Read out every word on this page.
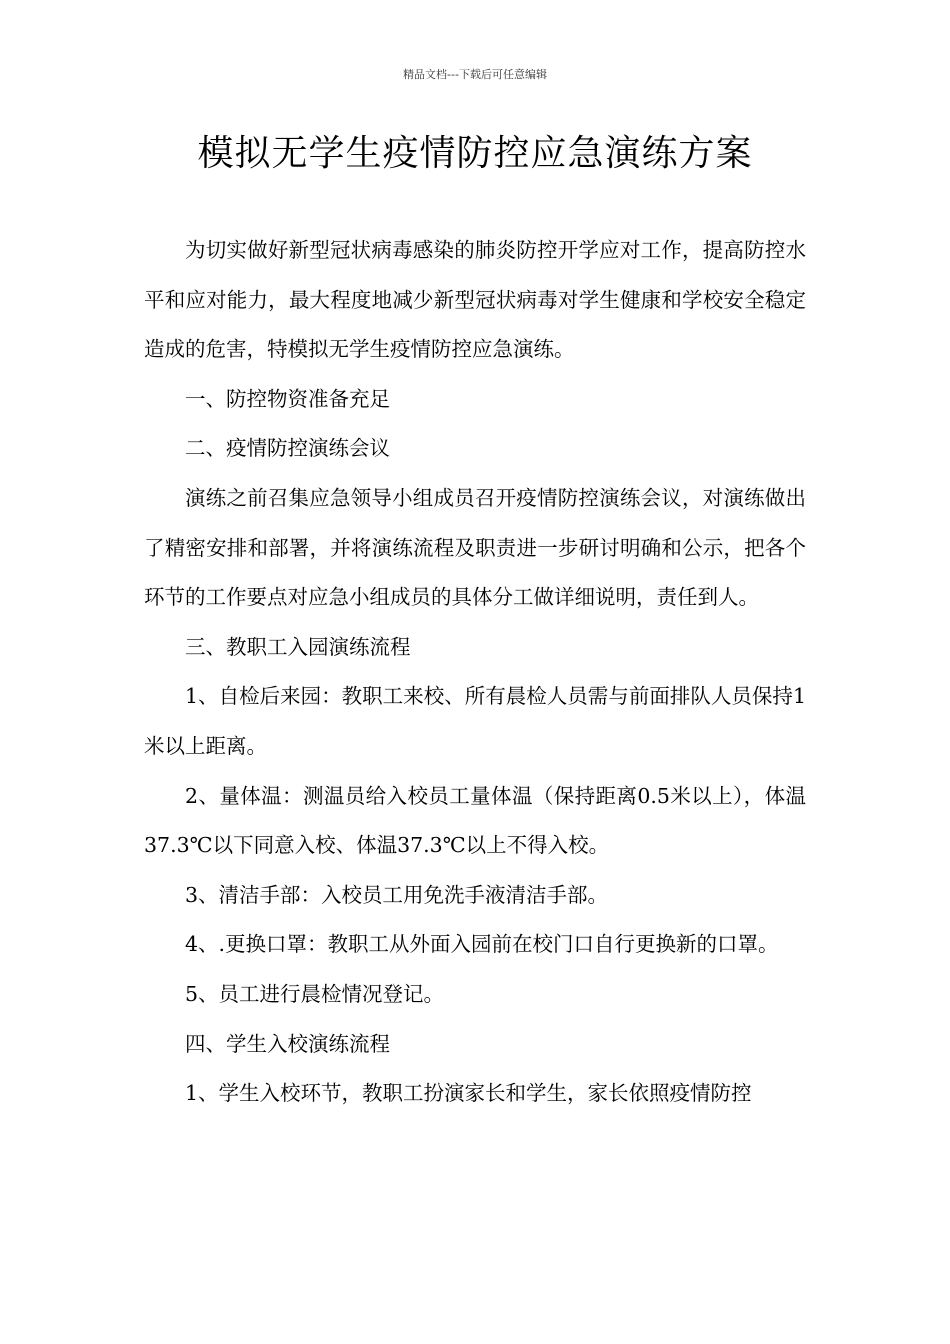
精品文档---下载后可任意编辑
模拟无学生疫情防控应急演练方案

为切实做好新型冠状病毒感染的肺炎防控开学应对工作，提高防控水平和应对能力，最大程度地减少新型冠状病毒对学生健康和学校安全稳定造成的危害，特模拟无学生疫情防控应急演练。

一、防控物资准备充足

二、疫情防控演练会议

演练之前召集应急领导小组成员召开疫情防控演练会议，对演练做出了精密安排和部署，并将演练流程及职责进一步研讨明确和公示，把各个环节的工作要点对应急小组成员的具体分工做详细说明，责任到人。

三、教职工入园演练流程

1、自检后来园：教职工来校、所有晨检人员需与前面排队人员保持1米以上距离。

2、量体温：测温员给入校员工量体温（保持距离0.5米以上），体温37.3℃以下同意入校、体温37.3℃以上不得入校。

3、清洁手部：入校员工用免洗手液清洁手部。

4、.更换口罩：教职工从外面入园前在校门口自行更换新的口罩。

5、员工进行晨检情况登记。

四、学生入校演练流程

1、学生入校环节，教职工扮演家长和学生，家长依照疫情防控
